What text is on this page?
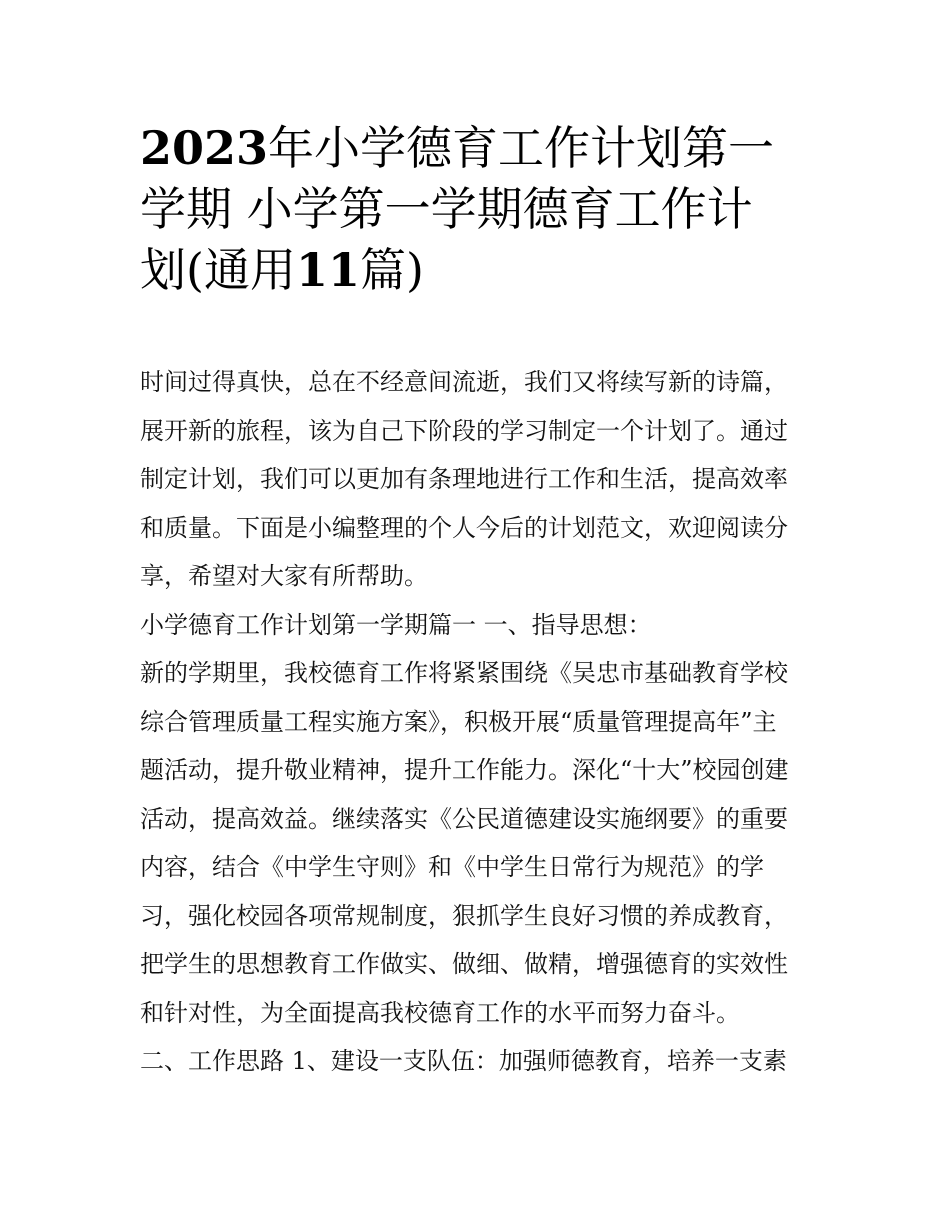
2023年小学德育工作计划第一
学期 小学第一学期德育工作计
划(通用11篇)
时间过得真快，总在不经意间流逝，我们又将续写新的诗篇，
展开新的旅程，该为自己下阶段的学习制定一个计划了。通过
制定计划，我们可以更加有条理地进行工作和生活，提高效率
和质量。下面是小编整理的个人今后的计划范文，欢迎阅读分
享，希望对大家有所帮助。
小学德育工作计划第一学期篇一 一、指导思想：
新的学期里，我校德育工作将紧紧围绕《吴忠市基础教育学校
综合管理质量工程实施方案》，积极开展“质量管理提高年”主
题活动，提升敬业精神，提升工作能力。深化“十大”校园创建
活动，提高效益。继续落实《公民道德建设实施纲要》的重要
内容，结合《中学生守则》和《中学生日常行为规范》的学
习，强化校园各项常规制度，狠抓学生良好习惯的养成教育，
把学生的思想教育工作做实、做细、做精，增强德育的实效性
和针对性，为全面提高我校德育工作的水平而努力奋斗。
二、工作思路 1、建设一支队伍：加强师德教育，培养一支素
